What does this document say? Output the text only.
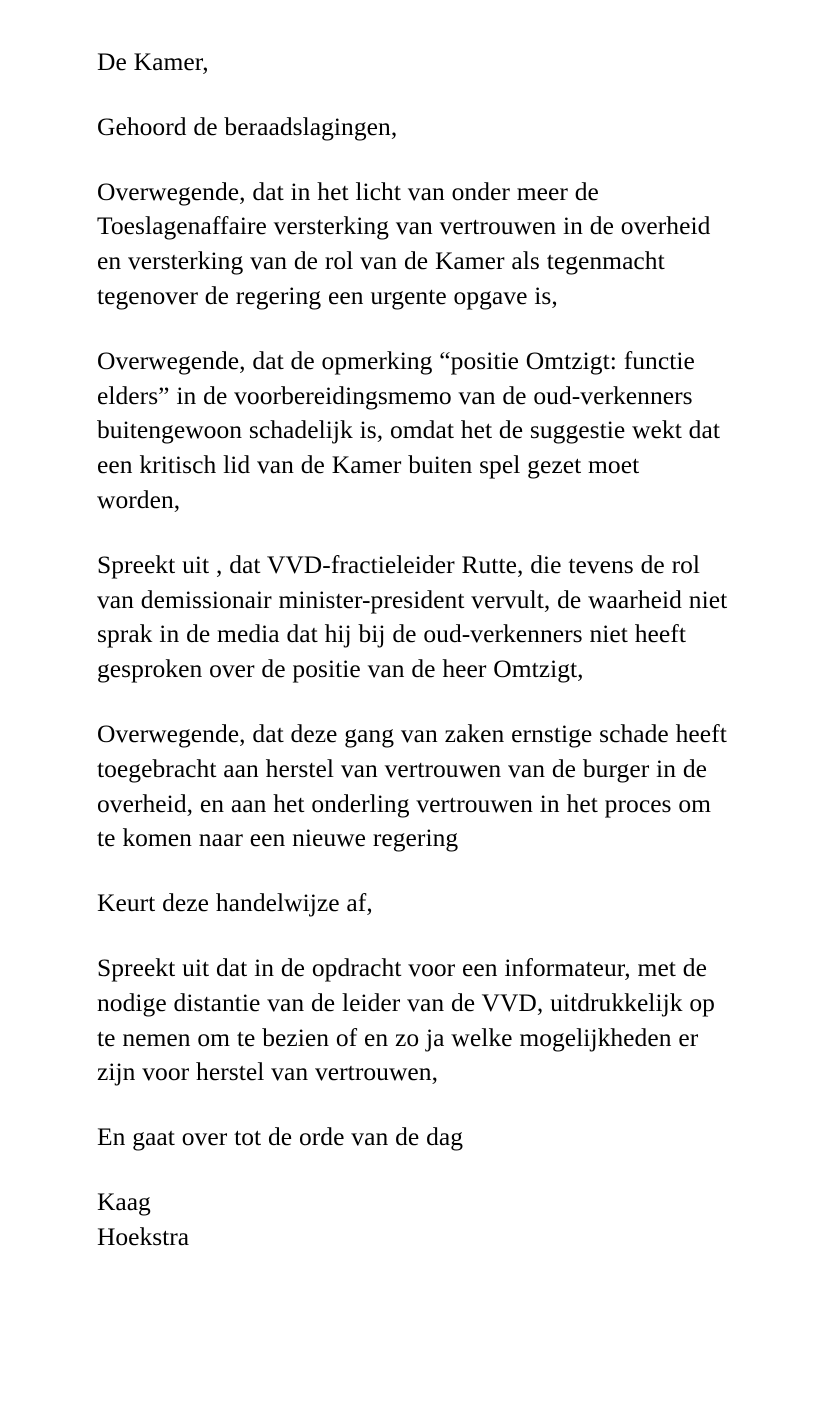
De Kamer,

Gehoord de beraadslagingen,

Overwegende, dat in het licht van onder meer de Toeslagenaffaire versterking van vertrouwen in de overheid en versterking van de rol van de Kamer als tegenmacht tegenover de regering een urgente opgave is,

Overwegende, dat de opmerking “positie Omtzigt: functie elders” in de voorbereidingsmemo van de oud-verkenners buitengewoon schadelijk is, omdat het de suggestie wekt dat een kritisch lid van de Kamer buiten spel gezet moet worden,

Spreekt uit , dat VVD-fractieleider Rutte, die tevens de rol van demissionair minister-president vervult, de waarheid niet sprak in de media dat hij bij de oud-verkenners niet heeft gesproken over de positie van de heer Omtzigt,

Overwegende, dat deze gang van zaken ernstige schade heeft toegebracht aan herstel van vertrouwen van de burger in de overheid, en aan het onderling vertrouwen in het proces om te komen naar een nieuwe regering

Keurt deze handelwijze af,

Spreekt uit dat in de opdracht voor een informateur, met de nodige distantie van de leider van de VVD, uitdrukkelijk op te nemen om te bezien of en zo ja welke mogelijkheden er zijn voor herstel van vertrouwen,

En gaat over tot de orde van de dag

Kaag

Hoekstra
